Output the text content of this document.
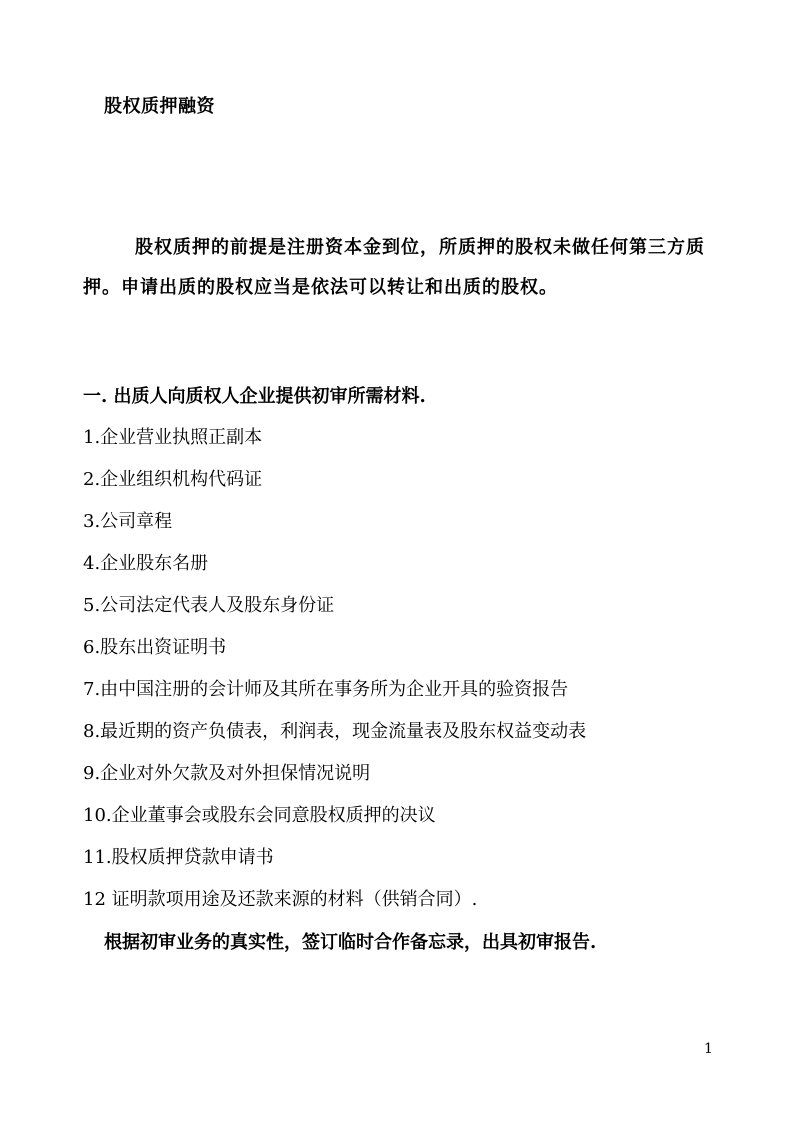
股权质押融资

股权质押的前提是注册资本金到位，所质押的股权未做任何第三方质押。申请出质的股权应当是依法可以转让和出质的股权。

一. 出质人向质权人企业提供初审所需材料.
1.企业营业执照正副本
2.企业组织机构代码证
3.公司章程
4.企业股东名册
5.公司法定代表人及股东身份证
6.股东出资证明书
7.由中国注册的会计师及其所在事务所为企业开具的验资报告
8.最近期的资产负债表，利润表，现金流量表及股东权益变动表
9.企业对外欠款及对外担保情况说明
10.企业董事会或股东会同意股权质押的决议
11.股权质押贷款申请书
12 证明款项用途及还款来源的材料（供销合同）.
根据初审业务的真实性，签订临时合作备忘录，出具初审报告.
1
